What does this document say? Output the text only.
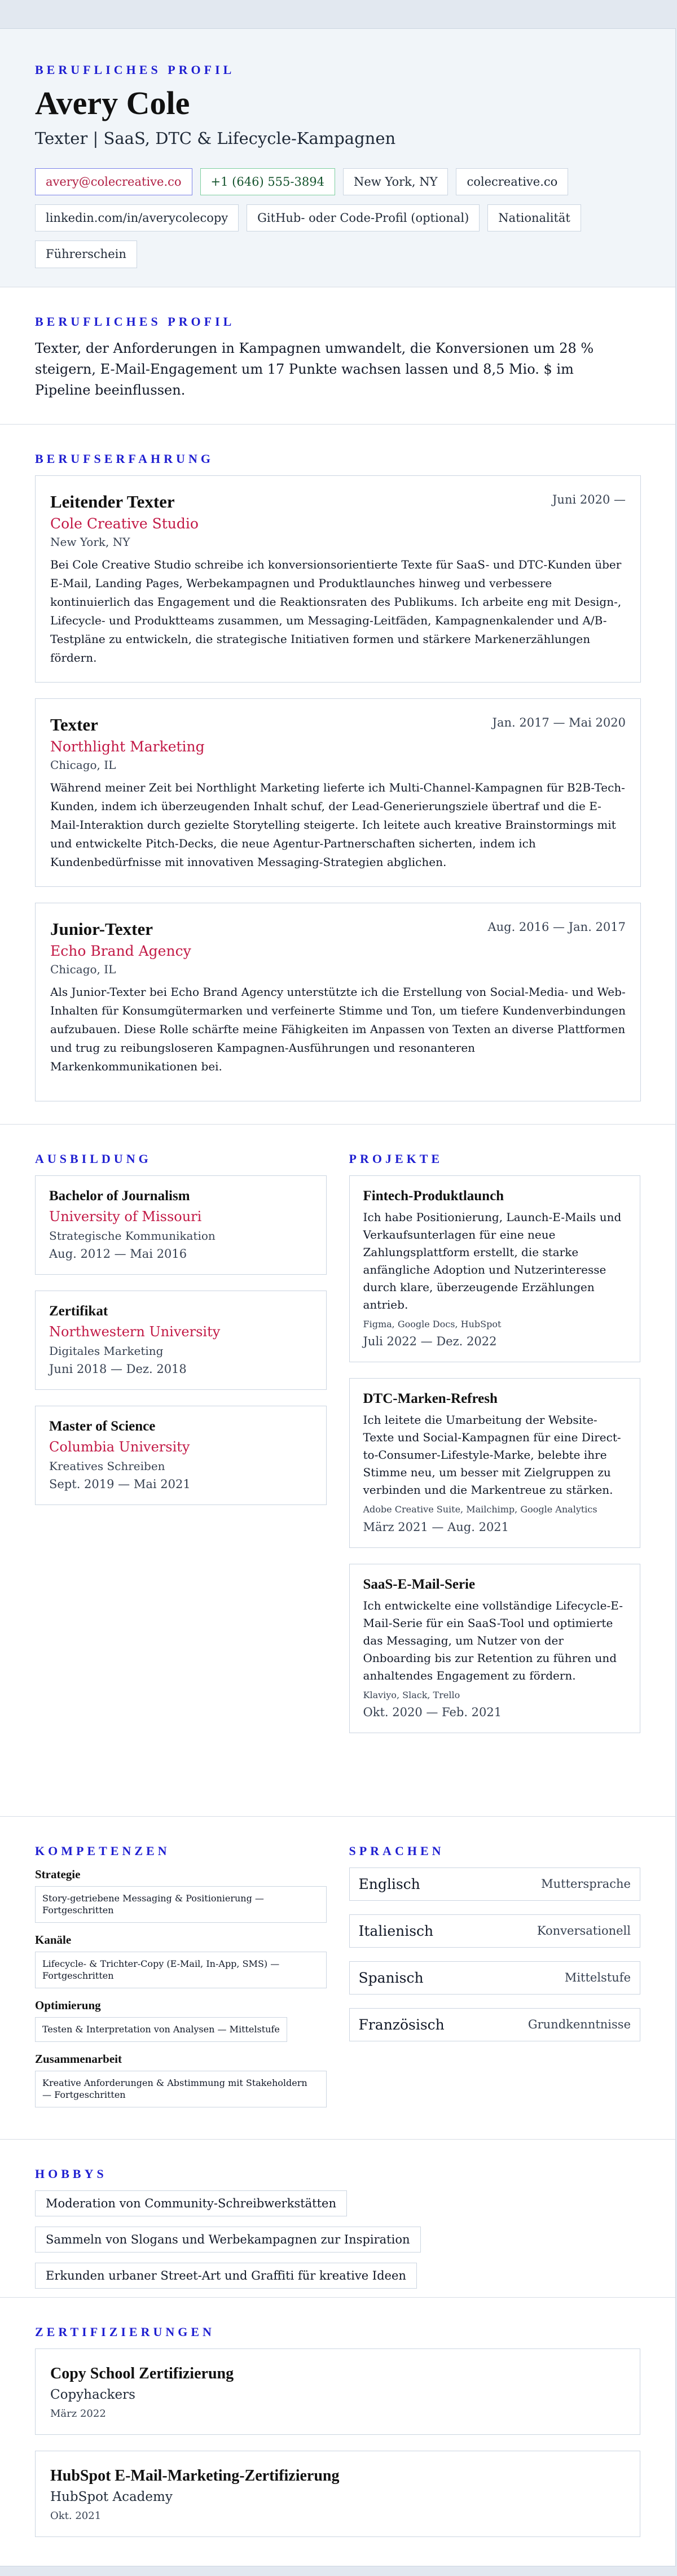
BERUFLICHES PROFIL
Avery Cole
Texter | SaaS, DTC & Lifecycle-Kampagnen
avery@colecreative.co	+1 (646) 555-3894	New York, NY	colecreative.co
linkedin.com/in/averycolecopy	GitHub- oder Code-Profil (optional)	Nationalität
Führerschein
BERUFLICHES PROFIL

Texter, der Anforderungen in Kampagnen umwandelt, die Konversionen um 28 % steigern, E-Mail-Engagement um 17 Punkte wachsen lassen und 8,5 Mio. $ im Pipeline beeinflussen.

BERUFSERFAHRUNG
Leitender Texter
Cole Creative Studio
New York, NY
Juni 2020 —

Bei Cole Creative Studio schreibe ich konversionsorientierte Texte für SaaS- und DTC-Kunden über E-Mail, Landing Pages, Werbekampagnen und Produktlaunches hinweg und verbessere kontinuierlich das Engagement und die Reaktionsraten des Publikums. Ich arbeite eng mit Design-, Lifecycle- und Produktteams zusammen, um Messaging-Leitfäden, Kampagnenkalender und A/B-Testpläne zu entwickeln, die strategische Initiativen formen und stärkere Markenerzählungen fördern.

Texter
Northlight Marketing
Chicago, IL
Jan. 2017 — Mai 2020

Während meiner Zeit bei Northlight Marketing lieferte ich Multi-Channel-Kampagnen für B2B-Tech-Kunden, indem ich überzeugenden Inhalt schuf, der Lead-Generierungsziele übertraf und die E-Mail-Interaktion durch gezielte Storytelling steigerte. Ich leitete auch kreative Brainstormings mit und entwickelte Pitch-Decks, die neue Agentur-Partnerschaften sicherten, indem ich Kundenbedürfnisse mit innovativen Messaging-Strategien abglichen.

Junior-Texter
Echo Brand Agency
Chicago, IL
Aug. 2016 — Jan. 2017

Als Junior-Texter bei Echo Brand Agency unterstützte ich die Erstellung von Social-Media- und Web-Inhalten für Konsumgütermarken und verfeinerte Stimme und Ton, um tiefere Kundenverbindungen aufzubauen. Diese Rolle schärfte meine Fähigkeiten im Anpassen von Texten an diverse Plattformen und trug zu reibungsloseren Kampagnen-Ausführungen und resonanteren Markenkommunikationen bei.

AUSBILDUNG
Bachelor of Journalism
University of Missouri
Strategische Kommunikation
Aug. 2012 — Mai 2016
Zertifikat
Northwestern University
Digitales Marketing
Juni 2018 — Dez. 2018
Master of Science
Columbia University
Kreatives Schreiben
Sept. 2019 — Mai 2021
PROJEKTE
Fintech-Produktlaunch
Ich habe Positionierung, Launch-E-Mails und Verkaufsunterlagen für eine neue Zahlungsplattform erstellt, die starke anfängliche Adoption und Nutzerinteresse durch klare, überzeugende Erzählungen antrieb.
Figma, Google Docs, HubSpot
Juli 2022 — Dez. 2022
DTC-Marken-Refresh
Ich leitete die Umarbeitung der Website-Texte und Social-Kampagnen für eine Direct-to-Consumer-Lifestyle-Marke, belebte ihre Stimme neu, um besser mit Zielgruppen zu verbinden und die Markentreue zu stärken.
Adobe Creative Suite, Mailchimp, Google Analytics
März 2021 — Aug. 2021
SaaS-E-Mail-Serie
Ich entwickelte eine vollständige Lifecycle-E-Mail-Serie für ein SaaS-Tool und optimierte das Messaging, um Nutzer von der Onboarding bis zur Retention zu führen und anhaltendes Engagement zu fördern.
Klaviyo, Slack, Trello
Okt. 2020 — Feb. 2021
KOMPETENZEN
Strategie
Story-getriebene Messaging & Positionierung — Fortgeschritten
Kanäle
Lifecycle- & Trichter-Copy (E-Mail, In-App, SMS) — Fortgeschritten
Optimierung
Testen & Interpretation von Analysen — Mittelstufe
Zusammenarbeit
Kreative Anforderungen & Abstimmung mit Stakeholdern — Fortgeschritten
SPRACHEN
Englisch	Muttersprache
Italienisch	Konversationell
Spanisch	Mittelstufe
Französisch	Grundkenntnisse
HOBBYS
Moderation von Community-Schreibwerkstätten
Sammeln von Slogans und Werbekampagnen zur Inspiration
Erkunden urbaner Street-Art und Graffiti für kreative Ideen
ZERTIFIZIERUNGEN
Copy School Zertifizierung
Copyhackers
März 2022
HubSpot E-Mail-Marketing-Zertifizierung
HubSpot Academy
Okt. 2021
